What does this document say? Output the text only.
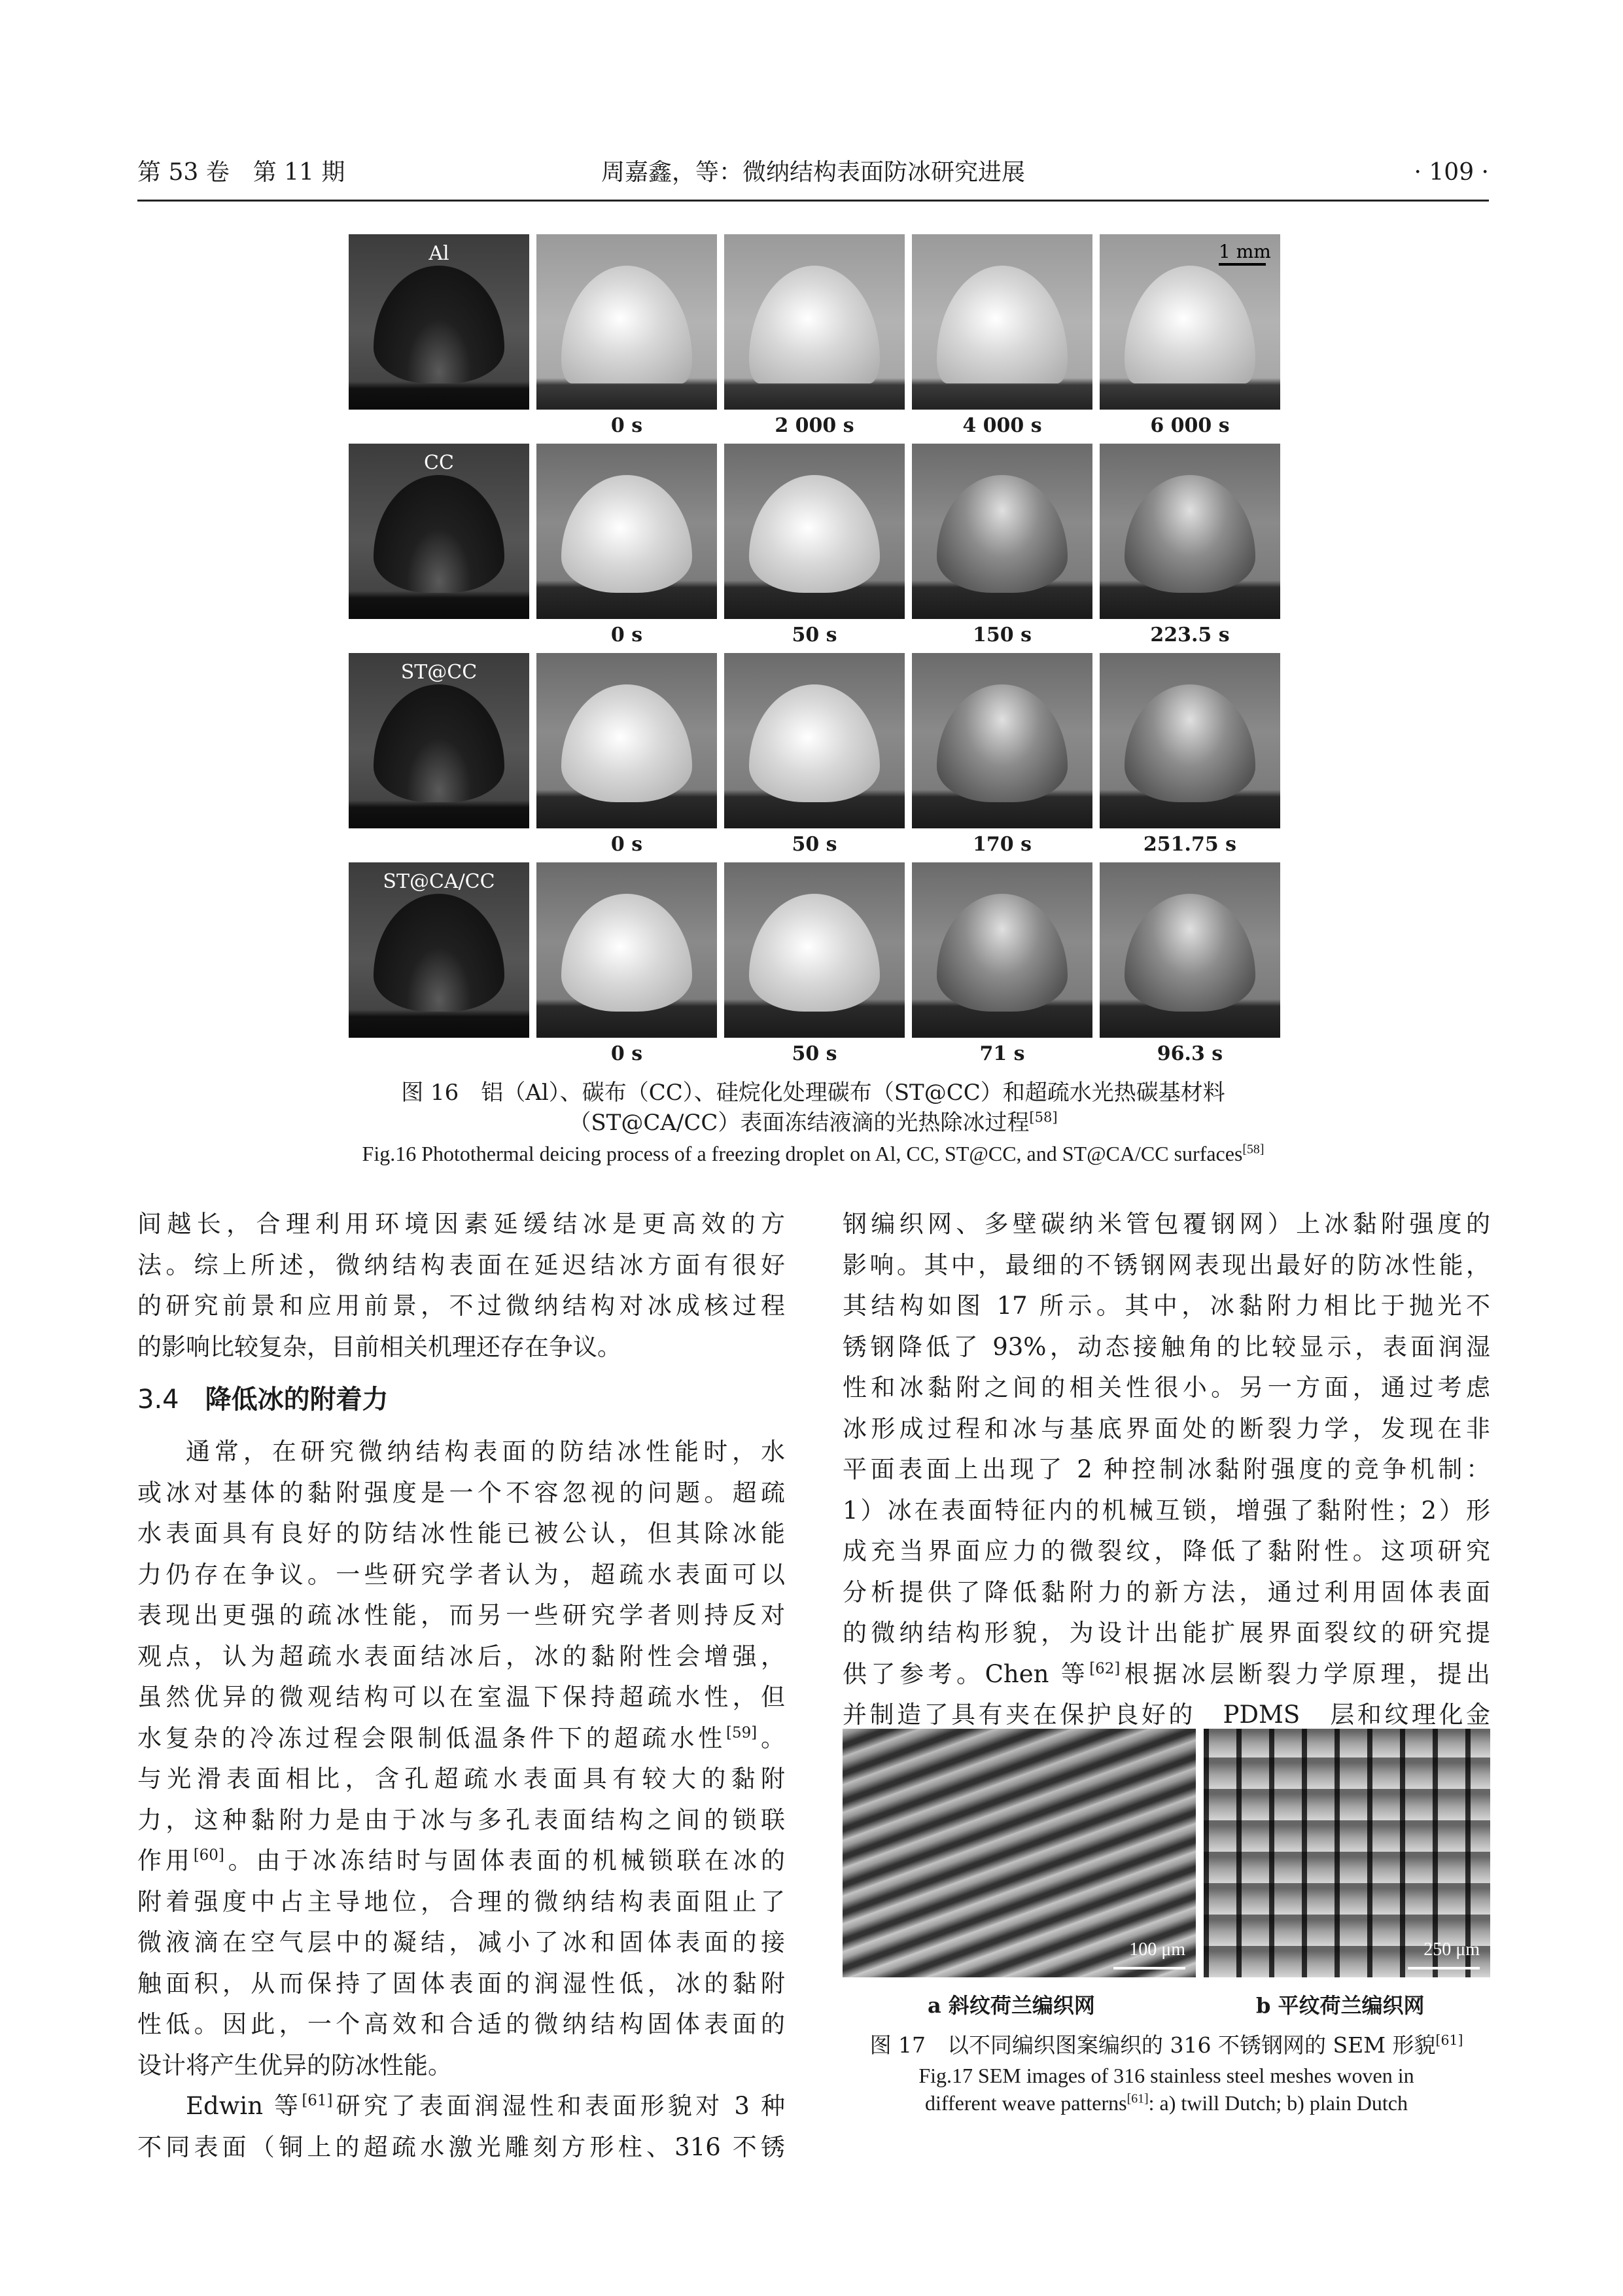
第 53 卷　第 11 期	周嘉鑫，等：微纳结构表面防冰研究进展	· 109 ·
Al
0 s	2 000 s	4 000 s	6 000 s
CC
0 s	50 s	150 s	223.5 s
ST@CC
0 s	50 s	170 s	251.75 s
ST@CA/CC
0 s	50 s	71 s	96.3 s
1 mm
图 16　铝（Al）、碳布（CC）、硅烷化处理碳布（ST@CC）和超疏水光热碳基材料
（ST@CA/CC）表面冻结液滴的光热除冰过程[58]
Fig.16 Photothermal deicing process of a freezing droplet on Al, CC, ST@CC, and ST@CA/CC surfaces[58]

间越长，合理利用环境因素延缓结冰是更高效的方
法。综上所述，微纳结构表面在延迟结冰方面有很好
的研究前景和应用前景，不过微纳结构对冰成核过程
的影响比较复杂，目前相关机理还存在争议。

3.4 降低冰的附着力

通常，在研究微纳结构表面的防结冰性能时，水
或冰对基体的黏附强度是一个不容忽视的问题。超疏
水表面具有良好的防结冰性能已被公认，但其除冰能
力仍存在争议。一些研究学者认为，超疏水表面可以
表现出更强的疏冰性能，而另一些研究学者则持反对
观点，认为超疏水表面结冰后，冰的黏附性会增强，
虽然优异的微观结构可以在室温下保持超疏水性，但
水复杂的冷冻过程会限制低温条件下的超疏水性[59]。
与光滑表面相比，含孔超疏水表面具有较大的黏附
力，这种黏附力是由于冰与多孔表面结构之间的锁联
作用[60]。由于冰冻结时与固体表面的机械锁联在冰的
附着强度中占主导地位，合理的微纳结构表面阻止了
微液滴在空气层中的凝结，减小了冰和固体表面的接
触面积，从而保持了固体表面的润湿性低，冰的黏附
性低。因此，一个高效和合适的微纳结构固体表面的
设计将产生优异的防冰性能。

Edwin 等[61]研究了表面润湿性和表面形貌对 3 种
不同表面（铜上的超疏水激光雕刻方形柱、316 不锈

钢编织网、多壁碳纳米管包覆钢网）上冰黏附强度的
影响。其中，最细的不锈钢网表现出最好的防冰性能，
其结构如图 17 所示。其中，冰黏附力相比于抛光不
锈钢降低了 93%，动态接触角的比较显示，表面润湿
性和冰黏附之间的相关性很小。另一方面，通过考虑
冰形成过程和冰与基底界面处的断裂力学，发现在非
平面表面上出现了 2 种控制冰黏附强度的竞争机制：
1）冰在表面特征内的机械互锁，增强了黏附性；2）形
成充当界面应力的微裂纹，降低了黏附性。这项研究
分析提供了降低黏附力的新方法，通过利用固体表面
的微纳结构形貌，为设计出能扩展界面裂纹的研究提
供了参考。Chen 等[62]根据冰层断裂力学原理，提出
并制造了具有夹在保护良好的　PDMS　层和纹理化金

100 μm	250 μm
a 斜纹荷兰编织网	b 平纹荷兰编织网
图 17　以不同编织图案编织的 316 不锈钢网的 SEM 形貌[61]
Fig.17 SEM images of 316 stainless steel meshes woven in
different weave patterns[61]: a) twill Dutch; b) plain Dutch
